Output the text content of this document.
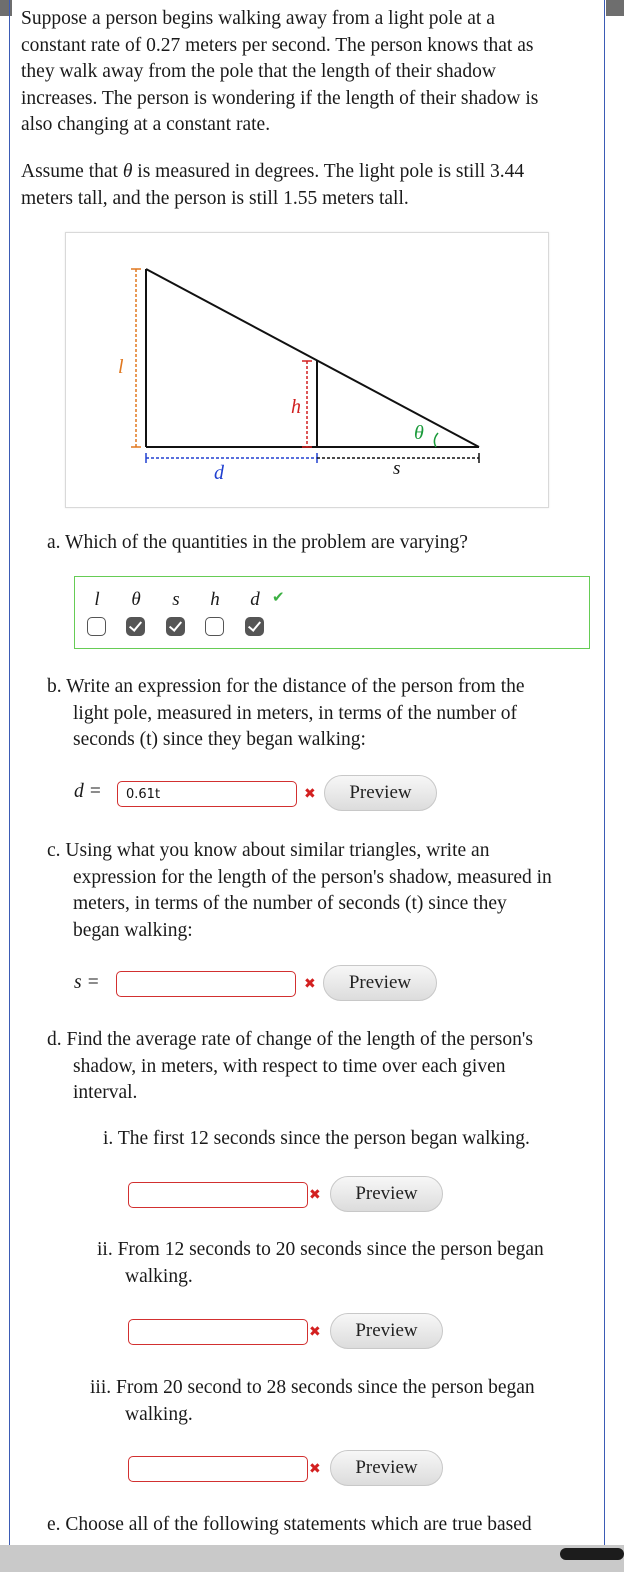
Suppose a person begins walking away from a light pole at a
constant rate of 0.27 meters per second. The person knows that as
they walk away from the pole that the length of their shadow
increases. The person is wondering if the length of their shadow is
also changing at a constant rate.
Assume that θ is measured in degrees. The light pole is still 3.44
meters tall, and the person is still 1.55 meters tall.
l
h
θ
d	s
a. Which of the quantities in the problem are varying?
l	θ	s	h	d ✔
b. Write an expression for the distance of the person from the
light pole, measured in meters, in terms of the number of
seconds (t) since they began walking:
d =
0.61t	✖	Preview
c. Using what you know about similar triangles, write an
expression for the length of the person's shadow, measured in
meters, in terms of the number of seconds (t) since they
began walking:
s =	✖	Preview
d. Find the average rate of change of the length of the person's
shadow, in meters, with respect to time over each given
interval.
i. The first 12 seconds since the person began walking.
✖	Preview
ii. From 12 seconds to 20 seconds since the person began
walking.
✖	Preview
iii. From 20 second to 28 seconds since the person began
walking.
✖	Preview
e. Choose all of the following statements which are true based
